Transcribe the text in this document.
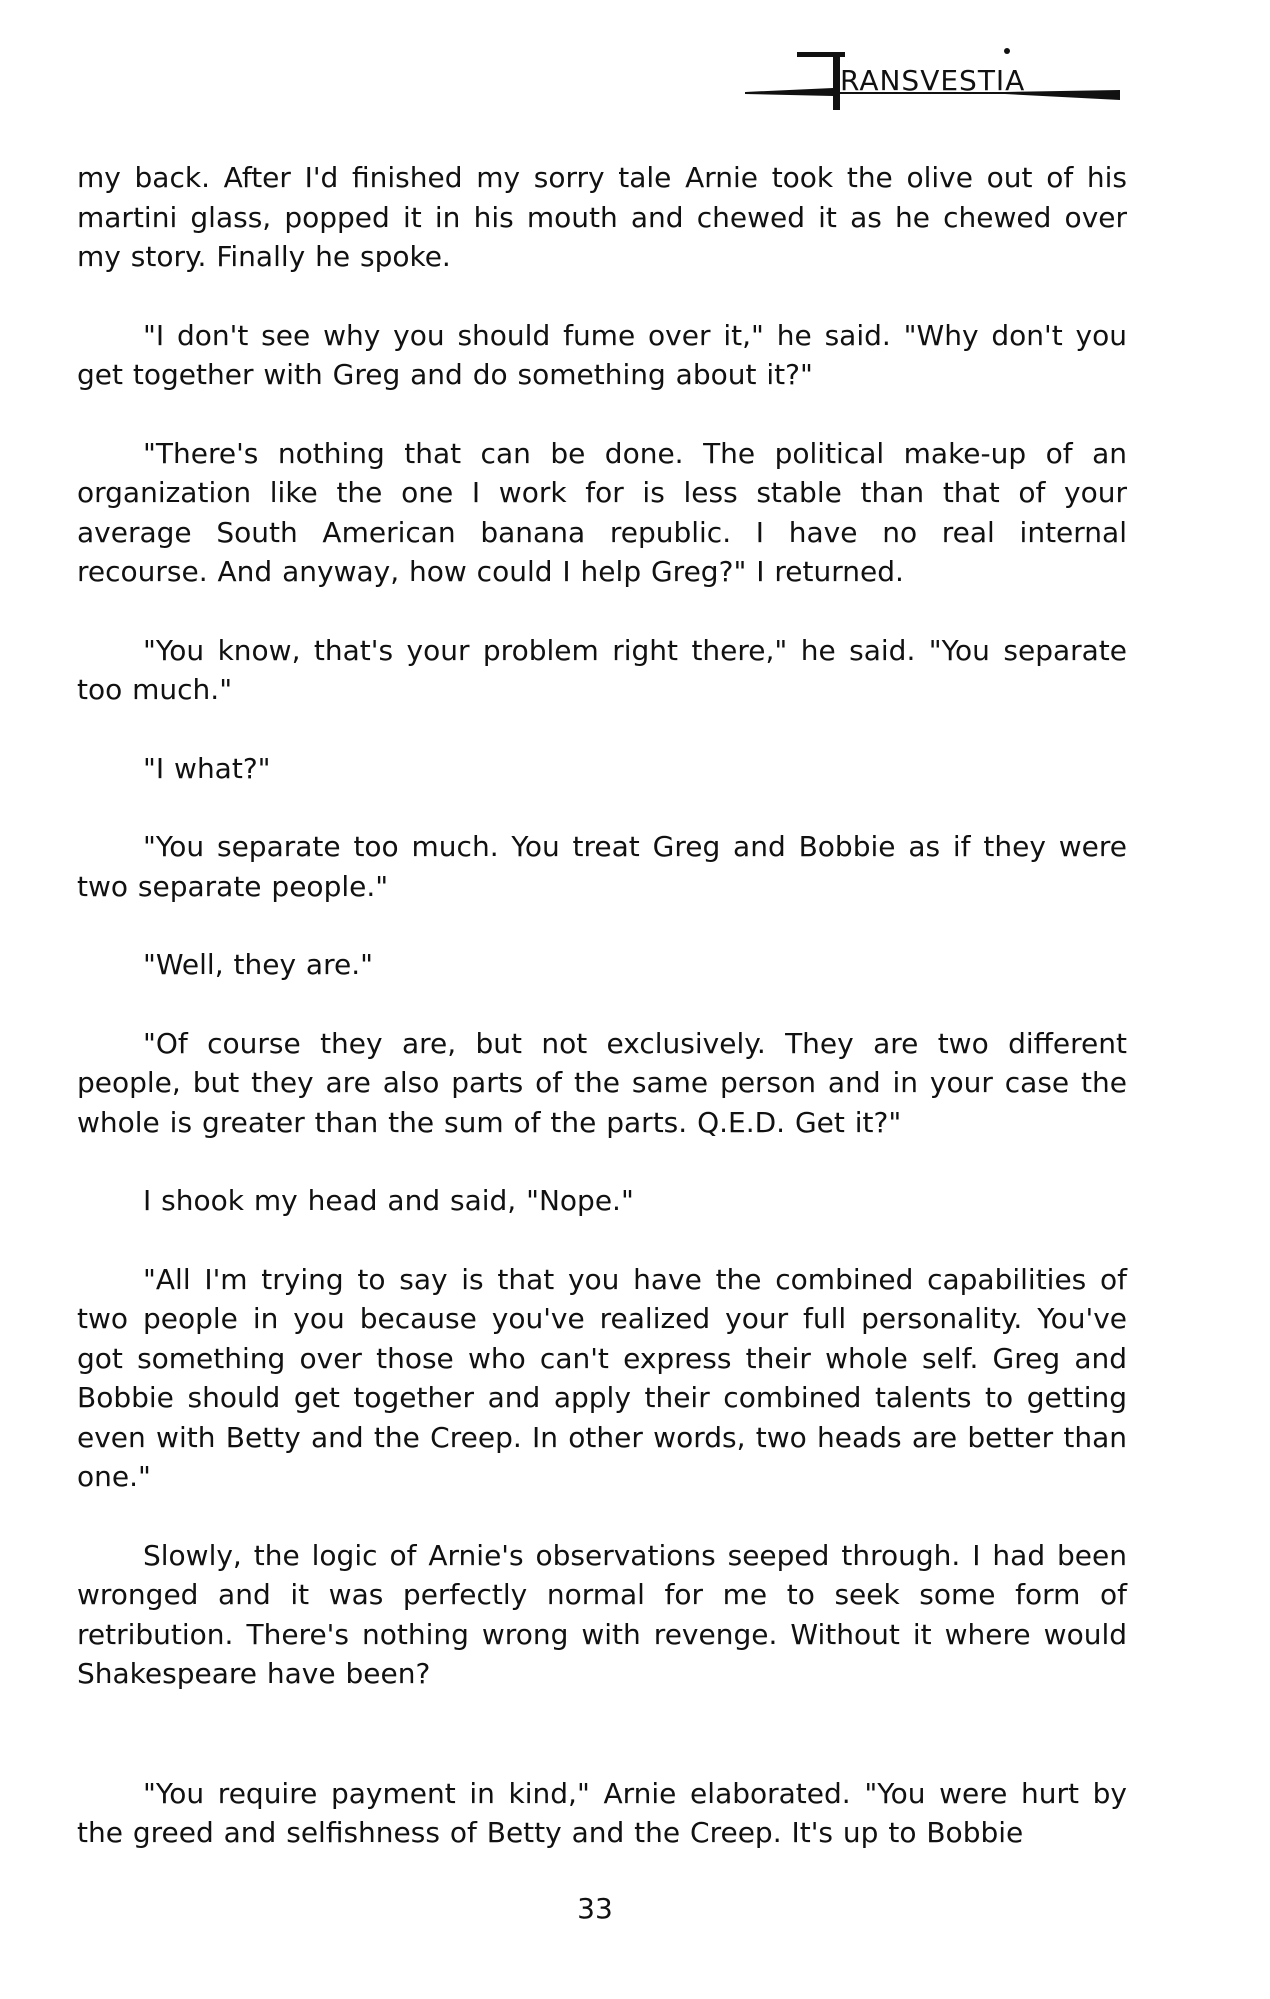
RANSVESTIA

my back. After I'd finished my sorry tale Arnie took the olive out of his martini glass, popped it in his mouth and chewed it as he chewed over my story. Finally he spoke.

"I don't see why you should fume over it," he said. "Why don't you get together with Greg and do something about it?"

"There's nothing that can be done. The political make-up of an organization like the one I work for is less stable than that of your average South American banana republic. I have no real internal recourse. And anyway, how could I help Greg?" I returned.

"You know, that's your problem right there," he said. "You separate too much."

"I what?"

"You separate too much. You treat Greg and Bobbie as if they were two separate people."

"Well, they are."

"Of course they are, but not exclusively. They are two different people, but they are also parts of the same person and in your case the whole is greater than the sum of the parts. Q.E.D. Get it?"

I shook my head and said, "Nope."

"All I'm trying to say is that you have the combined capabilities of two people in you because you've realized your full personality. You've got something over those who can't express their whole self. Greg and Bobbie should get together and apply their combined talents to getting even with Betty and the Creep. In other words, two heads are better than one."

Slowly, the logic of Arnie's observations seeped through. I had been wronged and it was perfectly normal for me to seek some form of retribution. There's nothing wrong with revenge. Without it where would Shakespeare have been?

"You require payment in kind," Arnie elaborated. "You were hurt by the greed and selfishness of Betty and the Creep. It's up to Bobbie

33
